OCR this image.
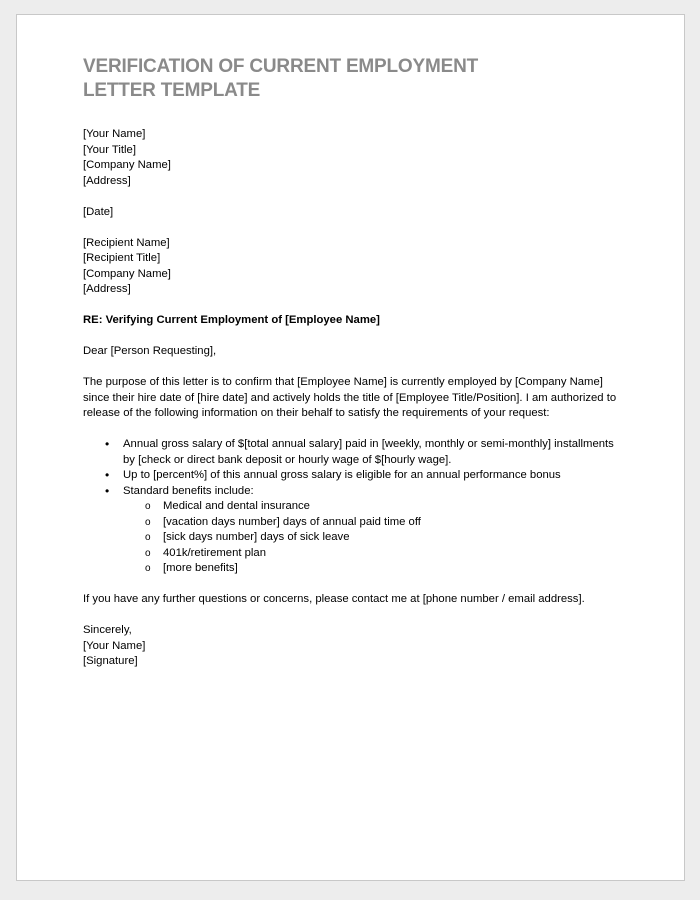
VERIFICATION OF CURRENT EMPLOYMENT LETTER TEMPLATE
[Your Name]
[Your Title]
[Company Name]
[Address]
[Date]
[Recipient Name]
[Recipient Title]
[Company Name]
[Address]
RE: Verifying Current Employment of [Employee Name]
Dear [Person Requesting],
The purpose of this letter is to confirm that [Employee Name] is currently employed by [Company Name] since their hire date of [hire date] and actively holds the title of [Employee Title/Position]. I am authorized to release of the following information on their behalf to satisfy the requirements of your request:
• Annual gross salary of $[total annual salary] paid in [weekly, monthly or semi-monthly] installments by [check or direct bank deposit or hourly wage of $[hourly wage].
• Up to [percent%] of this annual gross salary is eligible for an annual performance bonus
• Standard benefits include:
o Medical and dental insurance
o [vacation days number] days of annual paid time off
o [sick days number] days of sick leave
o 401k/retirement plan
o [more benefits]
If you have any further questions or concerns, please contact me at [phone number / email address].
Sincerely,
[Your Name]
[Signature]
